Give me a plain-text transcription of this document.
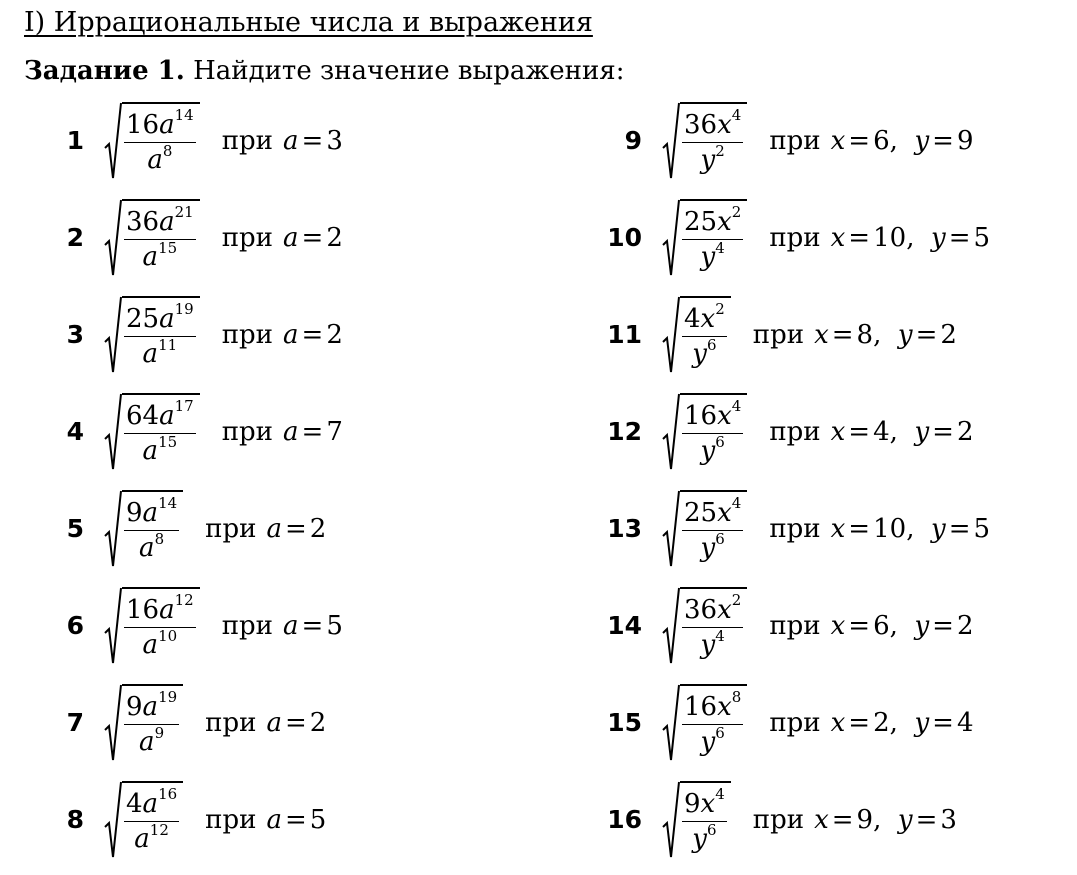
I) Иррациональные числа и выражения
Задание 1. Найдите значение выражения:
$1 \frac{16a^{14}}{a^8}$ при a = 3
$2 \frac{36a^{21}}{a^{15}}$ при a = 2
$3 \frac{25a^{19}}{a^{11}}$ при a = 2
$4 \frac{64a^{17}}{a^{15}}$ при a = 7
$5 \frac{9a^{14}}{a^8}$ при a = 2
$6 \frac{16a^{12}}{a^{10}}$ при a = 5
$7 \frac{9a^{19}}{a^9}$ при a = 2
$8 \frac{4a^{16}}{a^{12}}$ при a = 5
$9 \frac{36x^4}{y^2}$ при x = 6,  y = 9
$10 \frac{25x^2}{y^4}$ при x = 10,  y = 5
$11 \frac{4x^2}{y^6}$ при x = 8,  y = 2
$12 \frac{16x^4}{y^6}$ при x = 4,  y = 2
$13 \frac{25x^4}{y^6}$ при x = 10,  y = 5
$14 \frac{36x^2}{y^4}$ при x = 6,  y = 2
$15 \frac{16x^8}{y^6}$ при x = 2,  y = 4
$16 \frac{9x^4}{y^6}$ при x = 9,  y = 3
